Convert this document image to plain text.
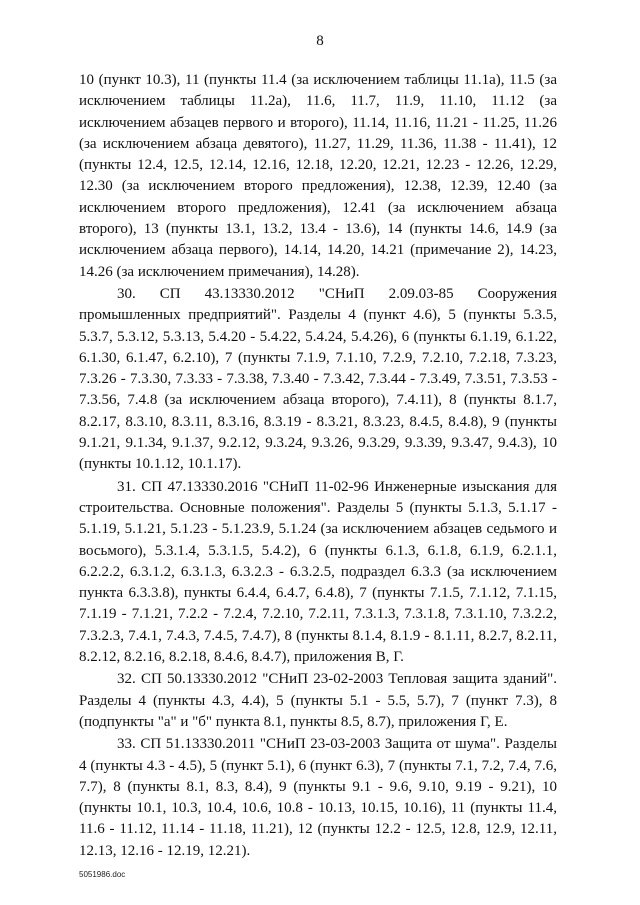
8

10 (пункт 10.3), 11 (пункты 11.4 (за исключением таблицы 11.1а), 11.5 (за исключением таблицы 11.2а), 11.6, 11.7, 11.9, 11.10, 11.12 (за исключением абзацев первого и второго), 11.14, 11.16, 11.21 - 11.25, 11.26 (за исключением абзаца девятого), 11.27, 11.29, 11.36, 11.38 - 11.41), 12 (пункты 12.4, 12.5, 12.14, 12.16, 12.18, 12.20, 12.21, 12.23 - 12.26, 12.29, 12.30 (за исключением второго предложения), 12.38, 12.39, 12.40 (за исключением второго предложения), 12.41 (за исключением абзаца второго), 13 (пункты 13.1, 13.2, 13.4 - 13.6), 14 (пункты 14.6, 14.9 (за исключением абзаца первого), 14.14, 14.20, 14.21 (примечание 2), 14.23, 14.26 (за исключением примечания), 14.28).

30. СП 43.13330.2012 "СНиП 2.09.03-85 Сооружения промышленных предприятий". Разделы 4 (пункт 4.6), 5 (пункты 5.3.5, 5.3.7, 5.3.12, 5.3.13, 5.4.20 - 5.4.22, 5.4.24, 5.4.26), 6 (пункты 6.1.19, 6.1.22, 6.1.30, 6.1.47, 6.2.10), 7 (пункты 7.1.9, 7.1.10, 7.2.9, 7.2.10, 7.2.18, 7.3.23, 7.3.26 - 7.3.30, 7.3.33 - 7.3.38, 7.3.40 - 7.3.42, 7.3.44 - 7.3.49, 7.3.51, 7.3.53 - 7.3.56, 7.4.8 (за исключением абзаца второго), 7.4.11), 8 (пункты 8.1.7, 8.2.17, 8.3.10, 8.3.11, 8.3.16, 8.3.19 - 8.3.21, 8.3.23, 8.4.5, 8.4.8), 9 (пункты 9.1.21, 9.1.34, 9.1.37, 9.2.12, 9.3.24, 9.3.26, 9.3.29, 9.3.39, 9.3.47, 9.4.3), 10 (пункты 10.1.12, 10.1.17).

31. СП 47.13330.2016 "СНиП 11-02-96 Инженерные изыскания для строительства. Основные положения". Разделы 5 (пункты 5.1.3, 5.1.17 - 5.1.19, 5.1.21, 5.1.23 - 5.1.23.9, 5.1.24 (за исключением абзацев седьмого и восьмого), 5.3.1.4, 5.3.1.5, 5.4.2), 6 (пункты 6.1.3, 6.1.8, 6.1.9, 6.2.1.1, 6.2.2.2, 6.3.1.2, 6.3.1.3, 6.3.2.3 - 6.3.2.5, подраздел 6.3.3 (за исключением пункта 6.3.3.8), пункты 6.4.4, 6.4.7, 6.4.8), 7 (пункты 7.1.5, 7.1.12, 7.1.15, 7.1.19 - 7.1.21, 7.2.2 - 7.2.4, 7.2.10, 7.2.11, 7.3.1.3, 7.3.1.8, 7.3.1.10, 7.3.2.2, 7.3.2.3, 7.4.1, 7.4.3, 7.4.5, 7.4.7), 8 (пункты 8.1.4, 8.1.9 - 8.1.11, 8.2.7, 8.2.11, 8.2.12, 8.2.16, 8.2.18, 8.4.6, 8.4.7), приложения В, Г.

32. СП 50.13330.2012 "СНиП 23-02-2003 Тепловая защита зданий". Разделы 4 (пункты 4.3, 4.4), 5 (пункты 5.1 - 5.5, 5.7), 7 (пункт 7.3), 8 (подпункты "а" и "б" пункта 8.1, пункты 8.5, 8.7), приложения Г, Е.

33. СП 51.13330.2011 "СНиП 23-03-2003 Защита от шума". Разделы 4 (пункты 4.3 - 4.5), 5 (пункт 5.1), 6 (пункт 6.3), 7 (пункты 7.1, 7.2, 7.4, 7.6, 7.7), 8 (пункты 8.1, 8.3, 8.4), 9 (пункты 9.1 - 9.6, 9.10, 9.19 - 9.21), 10 (пункты 10.1, 10.3, 10.4, 10.6, 10.8 - 10.13, 10.15, 10.16), 11 (пункты 11.4, 11.6 - 11.12, 11.14 - 11.18, 11.21), 12 (пункты 12.2 - 12.5, 12.8, 12.9, 12.11, 12.13, 12.16 - 12.19, 12.21).

5051986.doc
